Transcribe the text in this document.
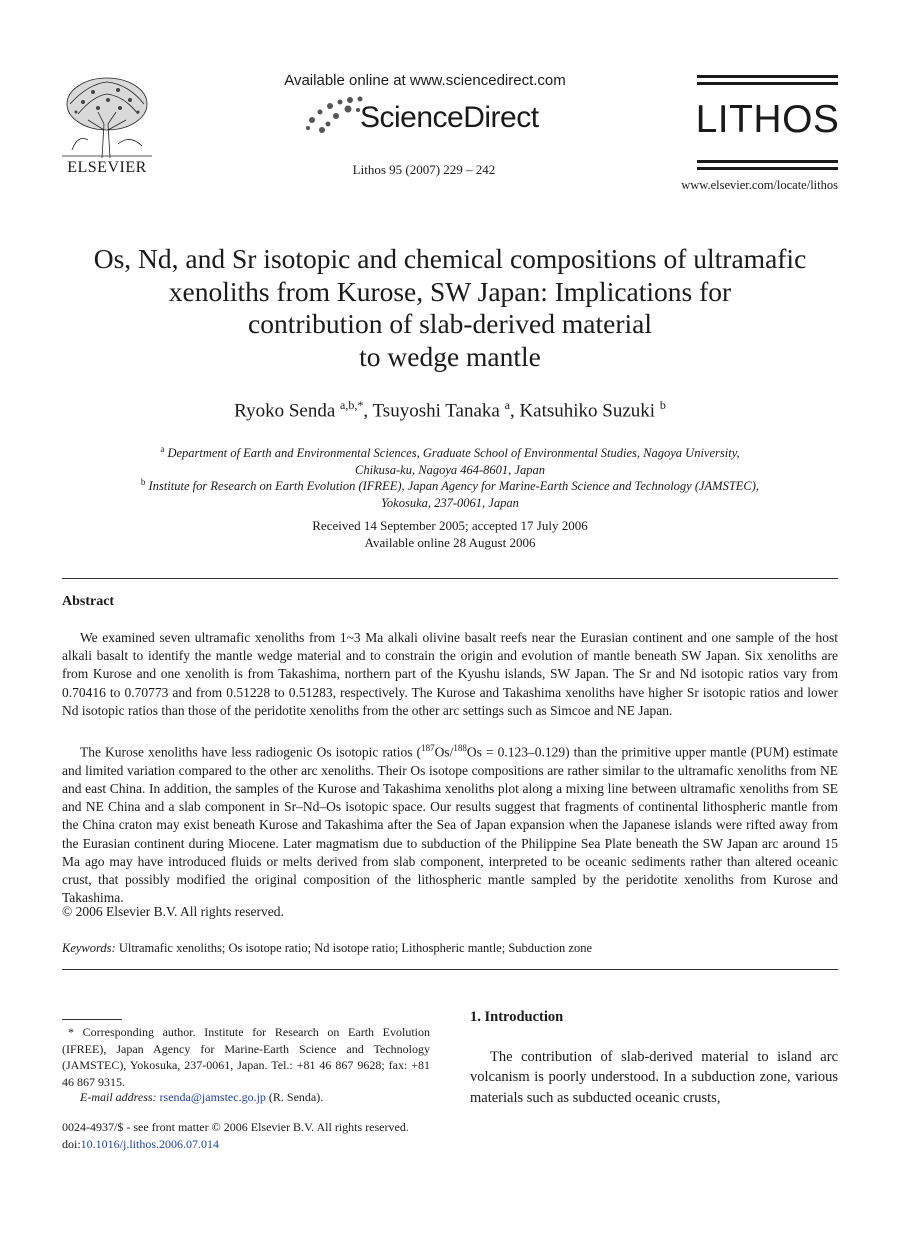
ELSEVIER
Available online at www.sciencedirect.com
ScienceDirect
Lithos 95 (2007) 229 – 242
LITHOS
www.elsevier.com/locate/lithos
Os, Nd, and Sr isotopic and chemical compositions of ultramafic
xenoliths from Kurose, SW Japan: Implications for
contribution of slab-derived material
to wedge mantle
Ryoko Senda $^{a,b,*}$, Tsuyoshi Tanaka $^a$, Katsuhiko Suzuki $^b$
$^a$ Department of Earth and Environmental Sciences, Graduate School of Environmental Studies, Nagoya University,
Chikusa-ku, Nagoya 464-8601, Japan
$^b$ Institute for Research on Earth Evolution (IFREE), Japan Agency for Marine-Earth Science and Technology (JAMSTEC),
Yokosuka, 237-0061, Japan
Received 14 September 2005; accepted 17 July 2006
Available online 28 August 2006
Abstract
We examined seven ultramafic xenoliths from 1~3 Ma alkali olivine basalt reefs near the Eurasian continent and one sample of the host alkali basalt to identify the mantle wedge material and to constrain the origin and evolution of mantle beneath SW Japan. Six xenoliths are from Kurose and one xenolith is from Takashima, northern part of the Kyushu islands, SW Japan. The Sr and Nd isotopic ratios vary from 0.70416 to 0.70773 and from 0.51228 to 0.51283, respectively. The Kurose and Takashima xenoliths have higher Sr isotopic ratios and lower Nd isotopic ratios than those of the peridotite xenoliths from the other arc settings such as Simcoe and NE Japan.
The Kurose xenoliths have less radiogenic Os isotopic ratios ($^{187}$Os/$^{188}$Os = 0.123–0.129) than the primitive upper mantle (PUM) estimate and limited variation compared to the other arc xenoliths. Their Os isotope compositions are rather similar to the ultramafic xenoliths from NE and east China. In addition, the samples of the Kurose and Takashima xenoliths plot along a mixing line between ultramafic xenoliths from SE and NE China and a slab component in Sr–Nd–Os isotopic space. Our results suggest that fragments of continental lithospheric mantle from the China craton may exist beneath Kurose and Takashima after the Sea of Japan expansion when the Japanese islands were rifted away from the Eurasian continent during Miocene. Later magmatism due to subduction of the Philippine Sea Plate beneath the SW Japan arc around 15 Ma ago may have introduced fluids or melts derived from slab component, interpreted to be oceanic sediments rather than altered oceanic crust, that possibly modified the original composition of the lithospheric mantle sampled by the peridotite xenoliths from Kurose and Takashima.
© 2006 Elsevier B.V. All rights reserved.
Keywords: Ultramafic xenoliths; Os isotope ratio; Nd isotope ratio; Lithospheric mantle; Subduction zone
* Corresponding author. Institute for Research on Earth Evolution (IFREE), Japan Agency for Marine-Earth Science and Technology (JAMSTEC), Yokosuka, 237-0061, Japan. Tel.: +81 46 867 9628; fax: +81 46 867 9315.
E-mail address: rsenda@jamstec.go.jp (R. Senda).
0024-4937/$ - see front matter © 2006 Elsevier B.V. All rights reserved.
doi:10.1016/j.lithos.2006.07.014
1. Introduction
The contribution of slab-derived material to island arc volcanism is poorly understood. In a subduction zone, various materials such as subducted oceanic crusts,
